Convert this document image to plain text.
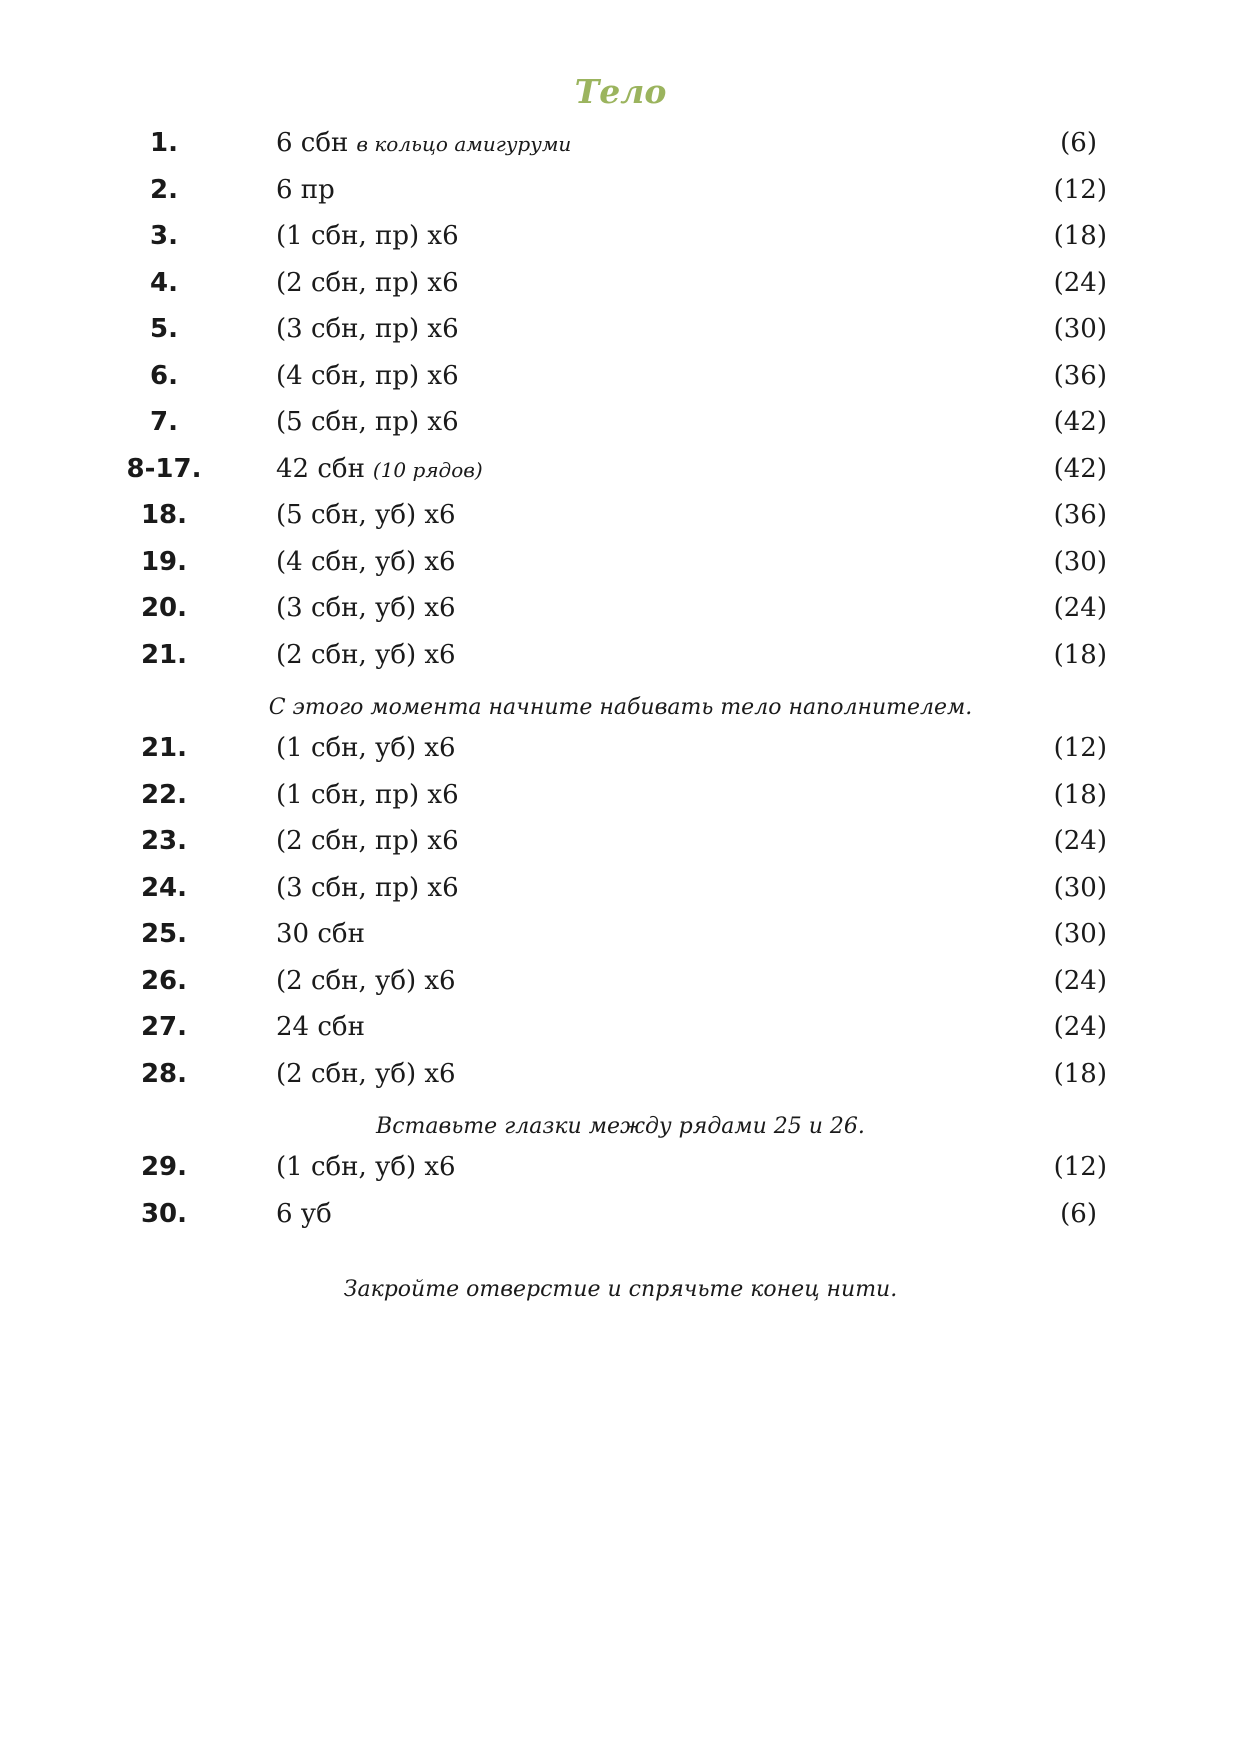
Тело
1.	6 сбн в кольцо амигуруми	(6)
2.	6 пр	(12)
3.	(1 сбн, пр) х6	(18)
4.	(2 сбн, пр) х6	(24)
5.	(3 сбн, пр) х6	(30)
6.	(4 сбн, пр) х6	(36)
7.	(5 сбн, пр) х6	(42)
8-17.	42 сбн (10 рядов)	(42)
18.	(5 сбн, уб) х6	(36)
19.	(4 сбн, уб) х6	(30)
20.	(3 сбн, уб) х6	(24)
21.	(2 сбн, уб) х6	(18)
С этого момента начните набивать тело наполнителем.
21.	(1 сбн, уб) х6	(12)
22.	(1 сбн, пр) х6	(18)
23.	(2 сбн, пр) х6	(24)
24.	(3 сбн, пр) х6	(30)
25.	30 сбн	(30)
26.	(2 сбн, уб) х6	(24)
27.	24 сбн	(24)
28.	(2 сбн, уб) х6	(18)
Вставьте глазки между рядами 25 и 26.
29.	(1 сбн, уб) х6	(12)
30.	6 уб	(6)
Закройте отверстие и спрячьте конец нити.
